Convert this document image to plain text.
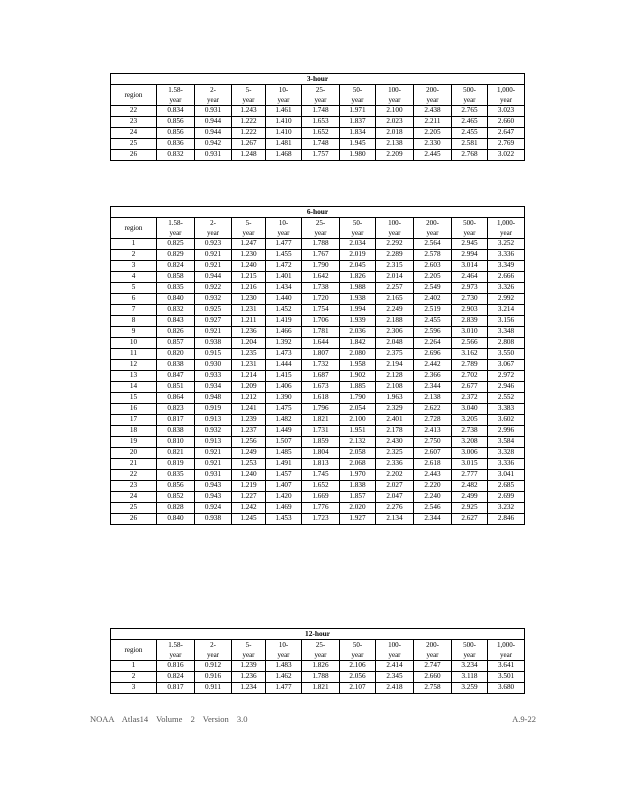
3-hour										
region	1.58-	2-	5-	10-	25-	50-	100-	200-	500-	1,000-
	year	year	year	year	year	year	year	year	year	year
22	0.834	0.931	1.243	1.461	1.748	1.971	2.100	2.438	2.765	3.023
23	0.856	0.944	1.222	1.410	1.653	1.837	2.023	2.211	2.465	2.660
24	0.856	0.944	1.222	1.410	1.652	1.834	2.018	2.205	2.455	2.647
25	0.836	0.942	1.267	1.481	1.748	1.945	2.138	2.330	2.581	2.769
26	0.832	0.931	1.248	1.468	1.757	1.980	2.209	2.445	2.768	3.022
6-hour										
region	1.58-	2-	5-	10-	25-	50-	100-	200-	500-	1,000-
	year	year	year	year	year	year	year	year	year	year
1	0.825	0.923	1.247	1.477	1.788	2.034	2.292	2.564	2.945	3.252
2	0.829	0.921	1.230	1.455	1.767	2.019	2.289	2.578	2.994	3.336
3	0.824	0.921	1.240	1.472	1.790	2.045	2.315	2.603	3.014	3.349
4	0.858	0.944	1.215	1.401	1.642	1.826	2.014	2.205	2.464	2.666
5	0.835	0.922	1.216	1.434	1.738	1.988	2.257	2.549	2.973	3.326
6	0.840	0.932	1.230	1.440	1.720	1.938	2.165	2.402	2.730	2.992
7	0.832	0.925	1.231	1.452	1.754	1.994	2.249	2.519	2.903	3.214
8	0.843	0.927	1.211	1.419	1.706	1.939	2.188	2.455	2.839	3.156
9	0.826	0.921	1.236	1.466	1.781	2.036	2.306	2.596	3.010	3.348
10	0.857	0.938	1.204	1.392	1.644	1.842	2.048	2.264	2.566	2.808
11	0.820	0.915	1.235	1.473	1.807	2.080	2.375	2.696	3.162	3.550
12	0.838	0.930	1.231	1.444	1.732	1.958	2.194	2.442	2.789	3.067
13	0.847	0.933	1.214	1.415	1.687	1.902	2.128	2.366	2.702	2.972
14	0.851	0.934	1.209	1.406	1.673	1.885	2.108	2.344	2.677	2.946
15	0.864	0.948	1.212	1.390	1.618	1.790	1.963	2.138	2.372	2.552
16	0.823	0.919	1.241	1.475	1.796	2.054	2.329	2.622	3.040	3.383
17	0.817	0.913	1.239	1.482	1.821	2.100	2.401	2.728	3.205	3.602
18	0.838	0.932	1.237	1.449	1.731	1.951	2.178	2.413	2.738	2.996
19	0.810	0.913	1.256	1.507	1.859	2.132	2.430	2.750	3.208	3.584
20	0.821	0.921	1.249	1.485	1.804	2.058	2.325	2.607	3.006	3.328
21	0.819	0.921	1.253	1.491	1.813	2.068	2.336	2.618	3.015	3.336
22	0.835	0.931	1.240	1.457	1.745	1.970	2.202	2.443	2.777	3.041
23	0.856	0.943	1.219	1.407	1.652	1.838	2.027	2.220	2.482	2.685
24	0.852	0.943	1.227	1.420	1.669	1.857	2.047	2.240	2.499	2.699
25	0.828	0.924	1.242	1.469	1.776	2.020	2.276	2.546	2.925	3.232
26	0.840	0.938	1.245	1.453	1.723	1.927	2.134	2.344	2.627	2.846
12-hour										
region	1.58-	2-	5-	10-	25-	50-	100-	200-	500-	1,000-
	year	year	year	year	year	year	year	year	year	year
1	0.816	0.912	1.239	1.483	1.826	2.106	2.414	2.747	3.234	3.641
2	0.824	0.916	1.236	1.462	1.788	2.056	2.345	2.660	3.118	3.501
3	0.817	0.911	1.234	1.477	1.821	2.107	2.418	2.758	3.259	3.680
NOAA Atlas14 Volume 2 Version 3.0	A.9-22
